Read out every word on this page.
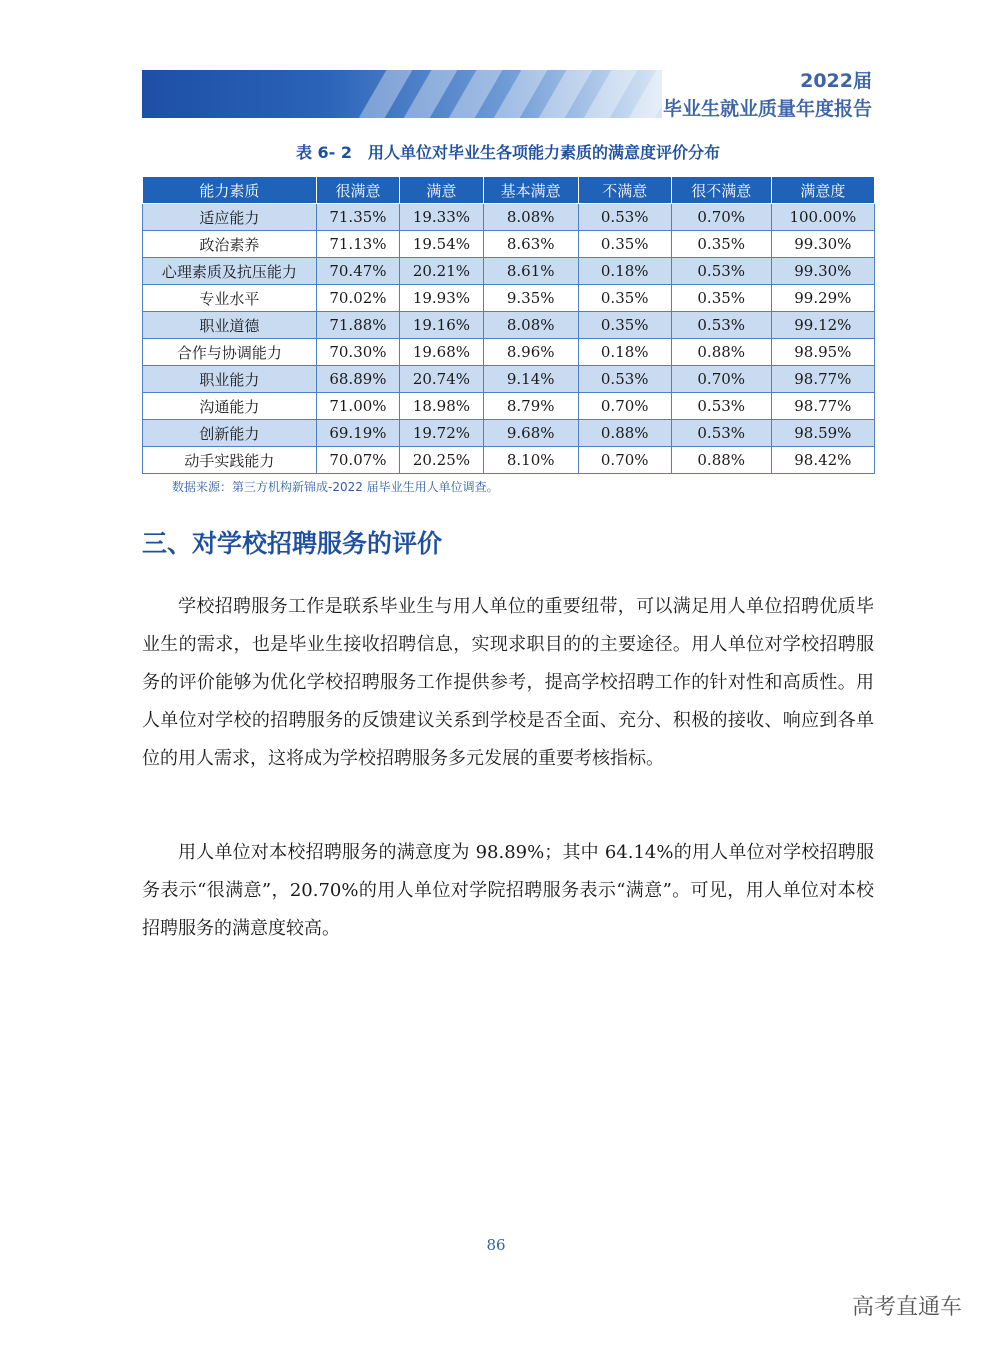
2022届
毕业生就业质量年度报告
表 6- 2　用人单位对毕业生各项能力素质的满意度评价分布
能力素质	很满意	满意	基本满意	不满意	很不满意	满意度
适应能力	71.35%	19.33%	8.08%	0.53%	0.70%	100.00%
政治素养	71.13%	19.54%	8.63%	0.35%	0.35%	99.30%
心理素质及抗压能力	70.47%	20.21%	8.61%	0.18%	0.53%	99.30%
专业水平	70.02%	19.93%	9.35%	0.35%	0.35%	99.29%
职业道德	71.88%	19.16%	8.08%	0.35%	0.53%	99.12%
合作与协调能力	70.30%	19.68%	8.96%	0.18%	0.88%	98.95%
职业能力	68.89%	20.74%	9.14%	0.53%	0.70%	98.77%
沟通能力	71.00%	18.98%	8.79%	0.70%	0.53%	98.77%
创新能力	69.19%	19.72%	9.68%	0.88%	0.53%	98.59%
动手实践能力	70.07%	20.25%	8.10%	0.70%	0.88%	98.42%
数据来源：第三方机构新锦成-2022 届毕业生用人单位调查。
三、对学校招聘服务的评价

学校招聘服务工作是联系毕业生与用人单位的重要纽带，可以满足用人单位招聘优质毕业生的需求，也是毕业生接收招聘信息，实现求职目的的主要途径。用人单位对学校招聘服务的评价能够为优化学校招聘服务工作提供参考，提高学校招聘工作的针对性和高质性。用人单位对学校的招聘服务的反馈建议关系到学校是否全面、充分、积极的接收、响应到各单位的用人需求，这将成为学校招聘服务多元发展的重要考核指标。

用人单位对本校招聘服务的满意度为 98.89%；其中 64.14%的用人单位对学校招聘服务表示“很满意”，20.70%的用人单位对学院招聘服务表示“满意”。可见，用人单位对本校招聘服务的满意度较高。

86
高考直通车
